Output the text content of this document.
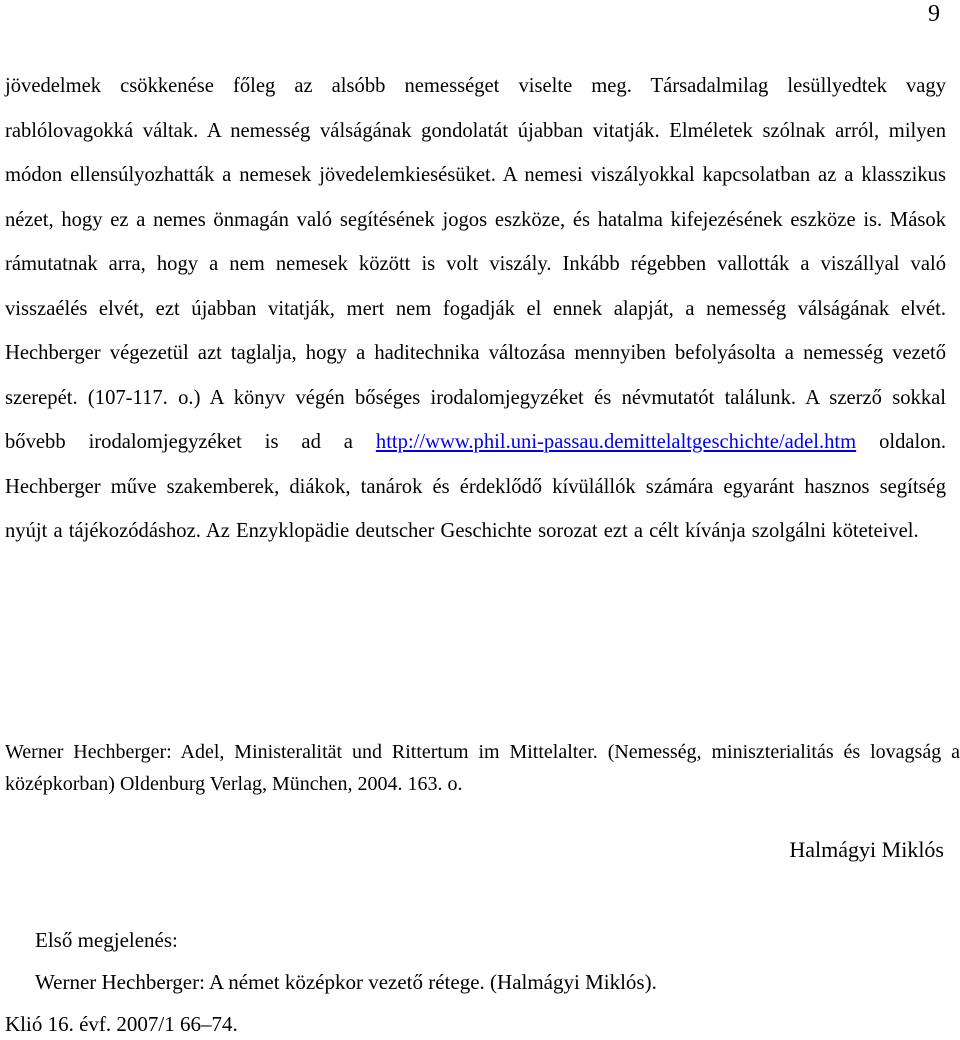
9

jövedelmek csökkenése főleg az alsóbb nemességet viselte meg. Társadalmilag lesüllyedtek vagy rablólovagokká váltak. A nemesség válságának gondolatát újabban vitatják. Elméletek szólnak arról, milyen módon ellensúlyozhatták a nemesek jövedelemkiesésüket. A nemesi viszályokkal kapcsolatban az a klasszikus nézet, hogy ez a nemes önmagán való segítésének jogos eszköze, és hatalma kifejezésének eszköze is. Mások rámutatnak arra, hogy a nem nemesek között is volt viszály. Inkább régebben vallották a viszállyal való visszaélés elvét, ezt újabban vitatják, mert nem fogadják el ennek alapját, a nemesség válságának elvét. Hechberger végezetül azt taglalja, hogy a haditechnika változása mennyiben befolyásolta a nemesség vezető szerepét. (107-117. o.) A könyv végén bőséges irodalomjegyzéket és névmutatót találunk. A szerző sokkal bővebb irodalomjegyzéket is ad a http://www.phil.uni-passau.demittelaltgeschichte/adel.htm oldalon. Hechberger műve szakemberek, diákok, tanárok és érdeklődő kívülállók számára egyaránt hasznos segítség nyújt a tájékozódáshoz. Az Enzyklopädie deutscher Geschichte sorozat ezt a célt kívánja szolgálni köteteivel.

Werner Hechberger: Adel, Ministeralität und Rittertum im Mittelalter. (Nemesség, miniszterialitás és lovagság a középkorban) Oldenburg Verlag, München, 2004. 163. o.

Halmágyi Miklós
Első megjelenés:
Werner Hechberger: A német középkor vezető rétege. (Halmágyi Miklós).
Klió 16. évf. 2007/1 66–74.
